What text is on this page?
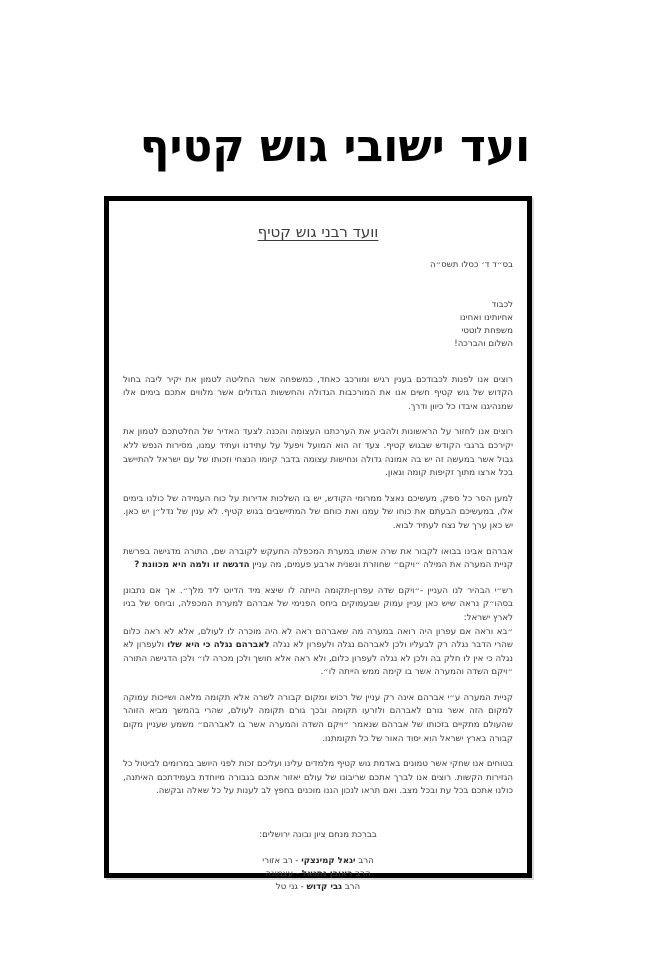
ועד ישובי גוש קטיף
וועד רבני גוש קטיף
בס״ד ד׳ כסלו תשס״ה
לכבוד
אחיותינו ואחינו
משפחת לוטטי
השלום והברכה!

רוצים אנו לפנות לכבודכם בענין רגיש ומורכב כאחד, כמשפחה אשר החליטה לטמון את יקיר ליבה בחול הקדוש של גוש קטיף חשים אנו את המורכבות הגדולה והחששות הגדולים אשר מלווים אתכם בימים אלו שמנהיגנו איבדו כל כיוון ודרך.

רוצים אנו לחזור על הראשונות ולהביע את הערכתנו העצומה והכנה לצעד האדיר של החלטתכם לטמון את יקירכם ברגבי הקודש שבגוש קטיף. צעד זה הוא המועל ויפעל על עתידנו ועתיד עמנו, מסירות הנפש ללא גבול אשר במעשה זה יש בה אמונה גדולה ונחישות עצומה בדבר קיומו הנצחי וזכותו של עם ישראל להתיישב בכל ארצו מתוך זקיפות קומה וגאון.

למען הסר כל ספק, מעשיכם נאצל ממרומי הקודש, יש בו השלכות אדירות על כוח העמידה של כולנו בימים אלו, במעשיכם הבעתם את כוחו של עמנו ואת כוחם של המתיישבים בגוש קטיף. לא ענין של נדל״ן יש כאן. יש כאן ערך של נצח לעתיד לבוא.

אברהם אבינו בבואו לקבור את שרה אשתו במערת המכפלה התעקש לקוברה שם, התורה מדגישה בפרשת קניית המערה את המילה ״ויקם״ שחוזרת ונשנית ארבע פעמים, מה עניין הדגשה זו ולמה היא מכוונת ?

רש״י הבהיר לנו העניין -״ויקם שדה עפרון-תקומה הייתה לו שיצא מיד הדיוט ליד מלך״. אך אם נתבונן בסהו״ק נראה שיש כאן עניין עמוק שבעמוקים ביחס הפנימי של אברהם למערת המכפלה, וביחס של בניו לארץ ישראל:
״בא וראה אם עפרון היה רואה במערה מה שאברהם ראה לא היה מוכרה לו לעולם, אלא לא ראה כלום שהרי הדבר נגלה רק לבעליו ולכן לאברהם נגלה ולעפרון לא נגלה לאברהם נגלה כי היא שלו ולעפרון לא נגלה כי אין לו חלק בה ולכן לא נגלה לעפרון כלום, ולא ראה אלא חושך ולכן מכרה לו״ ולכן הדגישה התורה ״ויקם השדה והמערה אשר בו קימה ממש הייתה לו״.

קניית המערה ע״י אברהם אינה רק עניין של רכוש ומקום קבורה לשרה אלא תקומה מלאה ושייכות עמוקה למקום הזה אשר גורם לאברהם ולזרעו תקומה ובכך גורם תקומה לעולם, שהרי בהמשך מביא הזוהר שהעולם מתקיים בזכותו של אברהם שנאמר ״ויקם השדה והמערה אשר בו לאברהם״ משמע שעניין מקום קבורה בארץ ישראל הוא יסוד האור של כל תקומתנו.

בטוחים אנו שחקי אשר טמונים באדמת גוש קטיף מלמדים עלינו ועליכם זכות לפני היושב במרומים לביטול כל הגזירות הקשות. רוצים אנו לברך אתכם שריבונו של עולם יאזור אתכם בגבורה מיוחדת בעמידתכם האיתנה, כולנו אתכם בכל עת ובכל מצב. ואם תראו לנכון הננו מוכנים בחפץ לב לענות על כל שאלה ובקשה.

בברכת מנחם ציון ובונה ירושלים:
הרב יגאל קמינצקי - רב אזורי
הרב ראובן נתנאל - עצמונה
הרב גבי קדוש - גני טל
